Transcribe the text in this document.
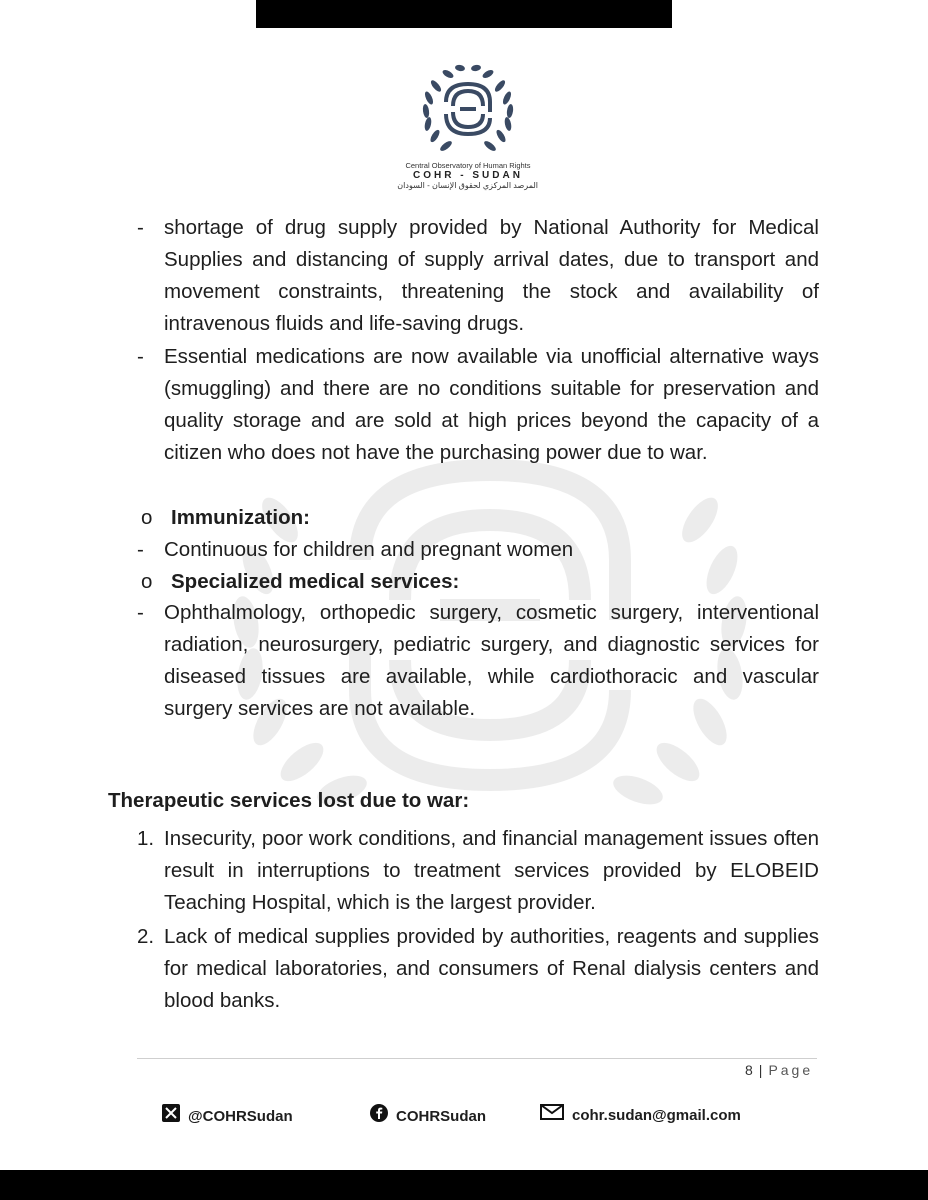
Central Observatory of Human Rights
COHR - SUDAN
المرصد المركزي لحقوق الإنسان - السودان
- shortage of drug supply provided by National Authority for Medical Supplies and distancing of supply arrival dates, due to transport and movement constraints, threatening the stock and availability of intravenous fluids and life-saving drugs.
- Essential medications are now available via unofficial alternative ways (smuggling) and there are no conditions suitable for preservation and quality storage and are sold at high prices beyond the capacity of a citizen who does not have the purchasing power due to war.
o Immunization:
- Continuous for children and pregnant women
o Specialized medical services:
- Ophthalmology, orthopedic surgery, cosmetic surgery, interventional radiation, neurosurgery, pediatric surgery, and diagnostic services for diseased tissues are available, while cardiothoracic and vascular surgery services are not available.
Therapeutic services lost due to war:
1. Insecurity, poor work conditions, and financial management issues often result in interruptions to treatment services provided by ELOBEID Teaching Hospital, which is the largest provider.
2. Lack of medical supplies provided by authorities, reagents and supplies for medical laboratories, and consumers of Renal dialysis centers and blood banks.
8 | Page
@COHRSudan	COHRSudan	cohr.sudan@gmail.com
